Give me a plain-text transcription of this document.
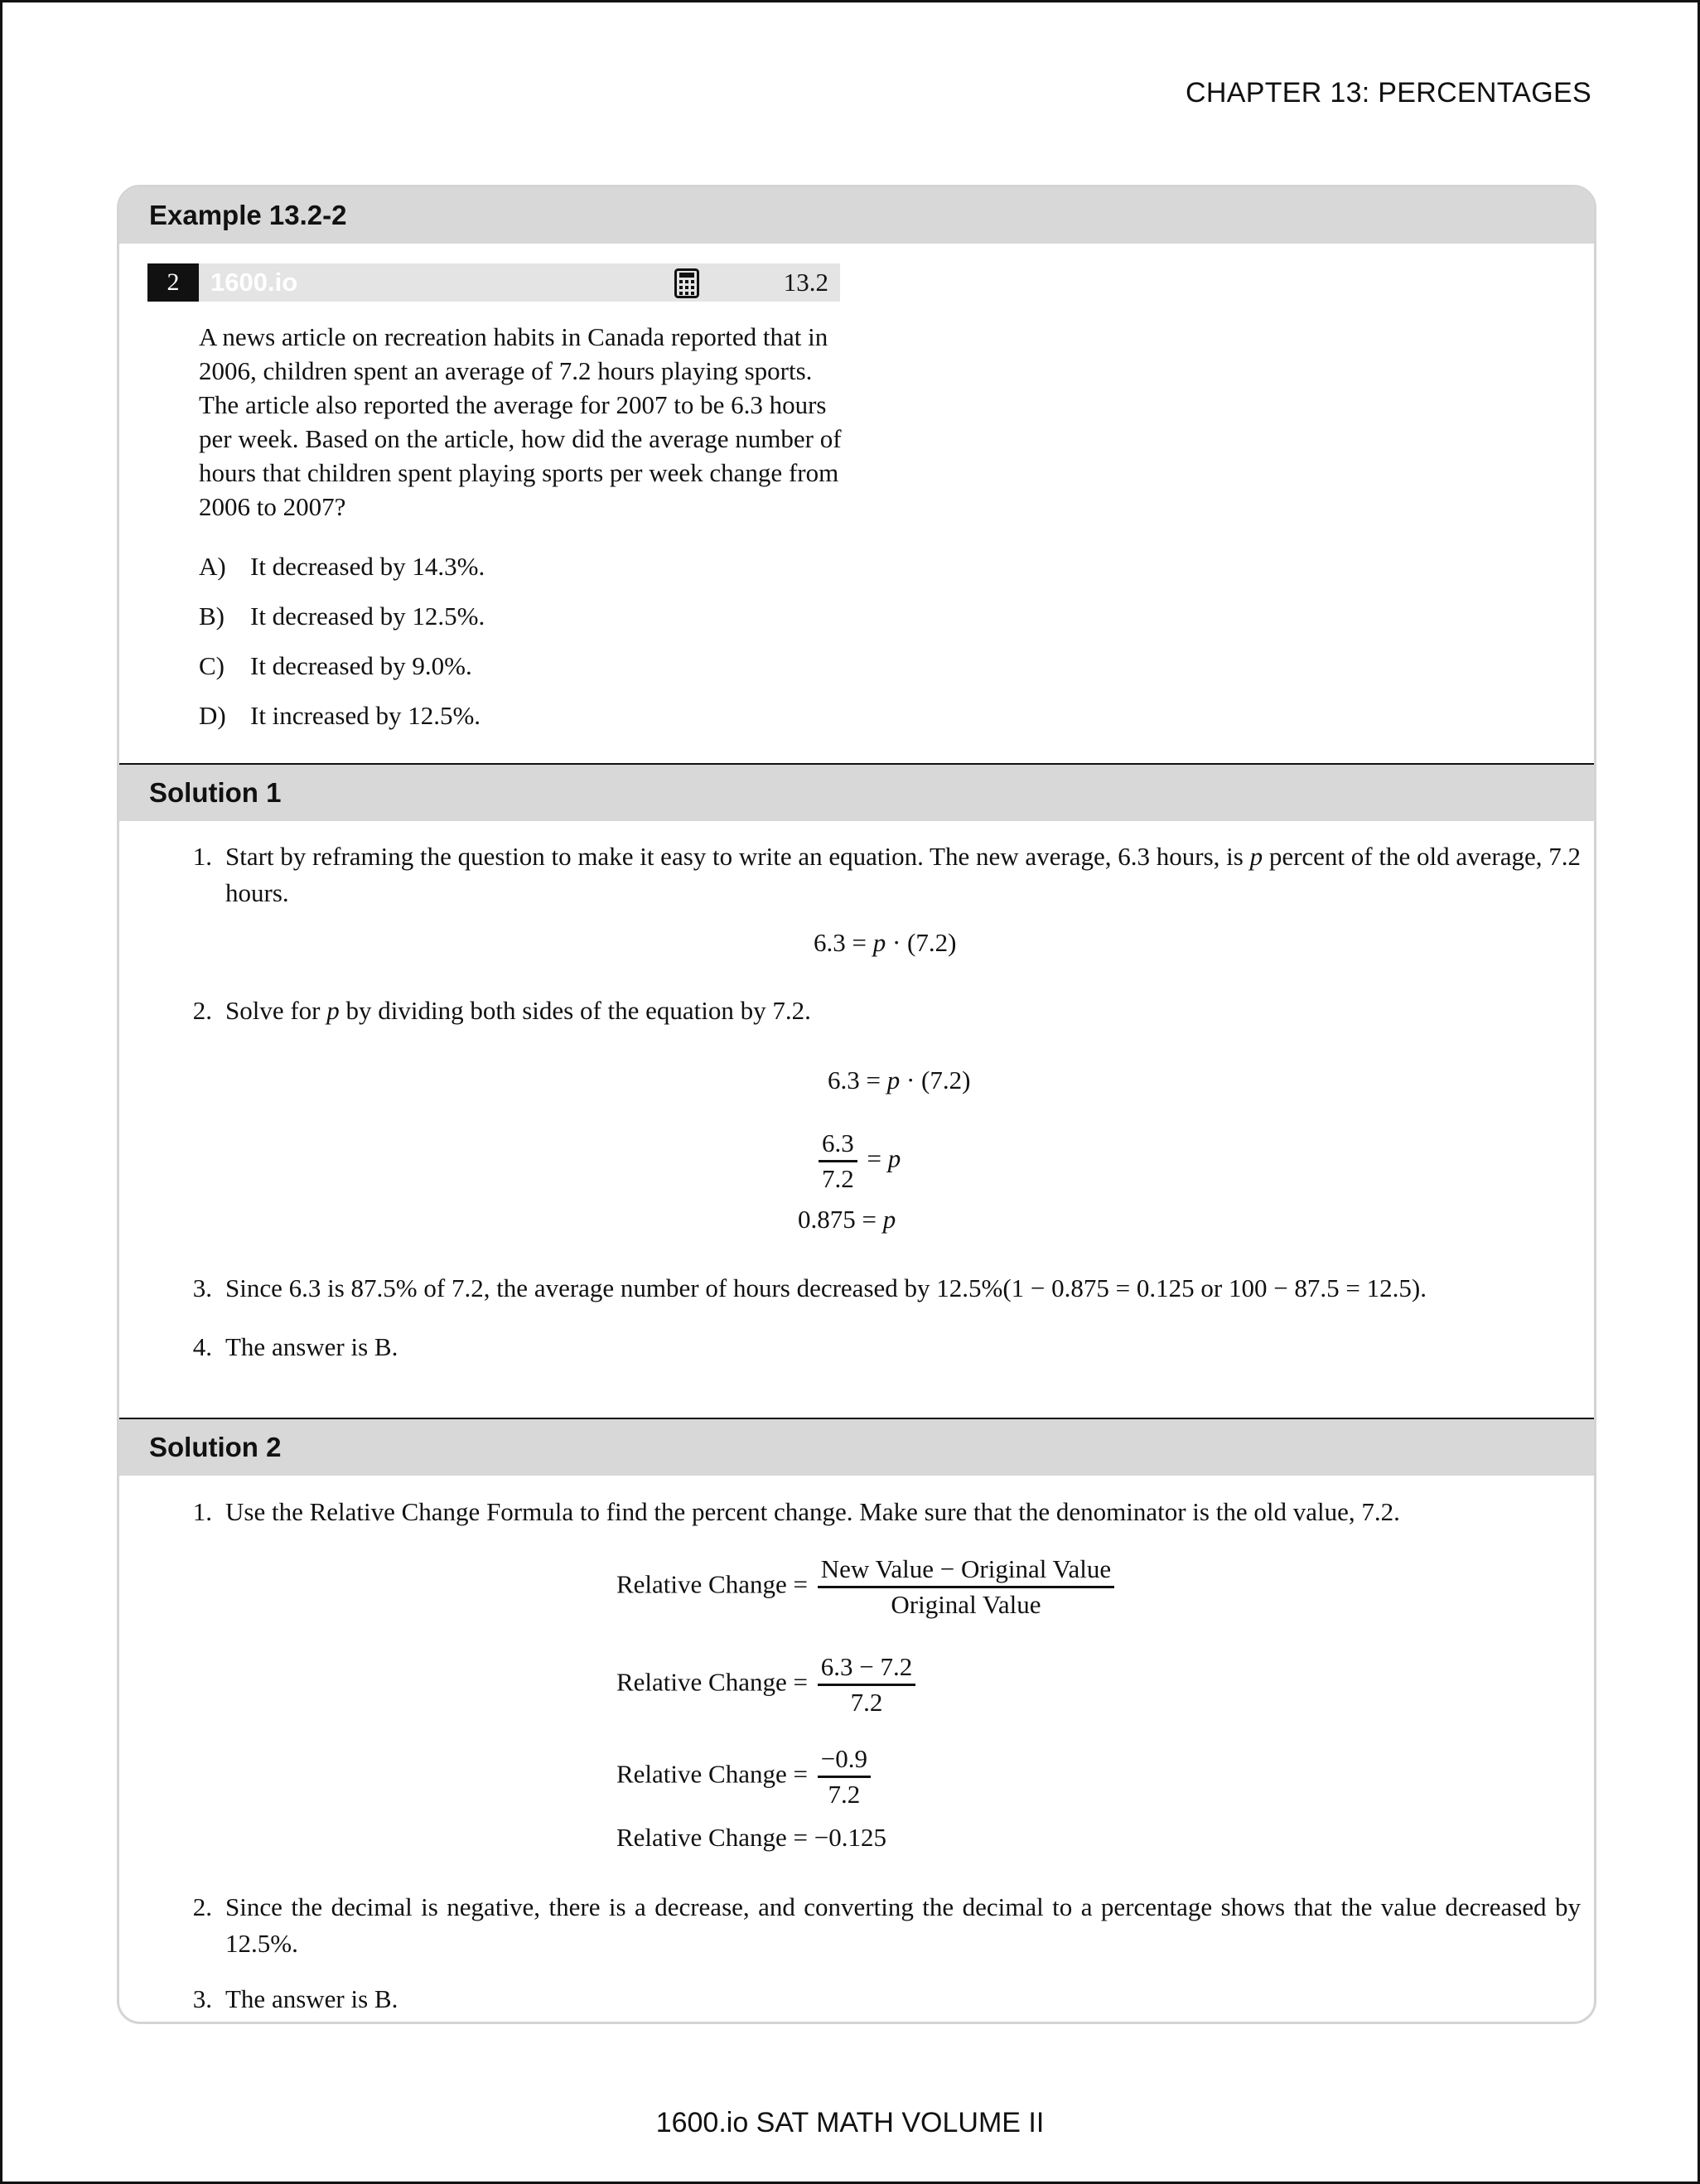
CHAPTER 13: PERCENTAGES
Example 13.2-2
2	1600.io	13.2
A news article on recreation habits in Canada reported that in 2006, children spent an average of 7.2 hours playing sports. The article also reported the average for 2007 to be 6.3 hours per week. Based on the article, how did the average number of hours that children spent playing sports per week change from 2006 to 2007?
A) It decreased by 14.3%.
B) It decreased by 12.5%.
C) It decreased by 9.0%.
D) It increased by 12.5%.
Solution 1
1. Start by reframing the question to make it easy to write an equation. The new average, 6.3 hours, is p percent of the old average, 7.2 hours.
6.3 = p · (7.2)
2. Solve for p by dividing both sides of the equation by 7.2.
6.3 = p · (7.2)
$\frac{6.3}{7.2} = p$
0.875 = p
3. Since 6.3 is 87.5% of 7.2, the average number of hours decreased by 12.5%(1 − 0.875 = 0.125 or 100 − 87.5 = 12.5).
4. The answer is B.
Solution 2
1. Use the Relative Change Formula to find the percent change. Make sure that the denominator is the old value, 7.2.
Relative Change = $\frac{\text{New Value − Original Value}}{\text{Original Value}}$
Relative Change = $\frac{6.3 - 7.2}{7.2}$
Relative Change = $\frac{-0.9}{7.2}$
Relative Change = −0.125
2. Since the decimal is negative, there is a decrease, and converting the decimal to a percentage shows that the value decreased by 12.5%.
3. The answer is B.
1600.io SAT MATH VOLUME II
